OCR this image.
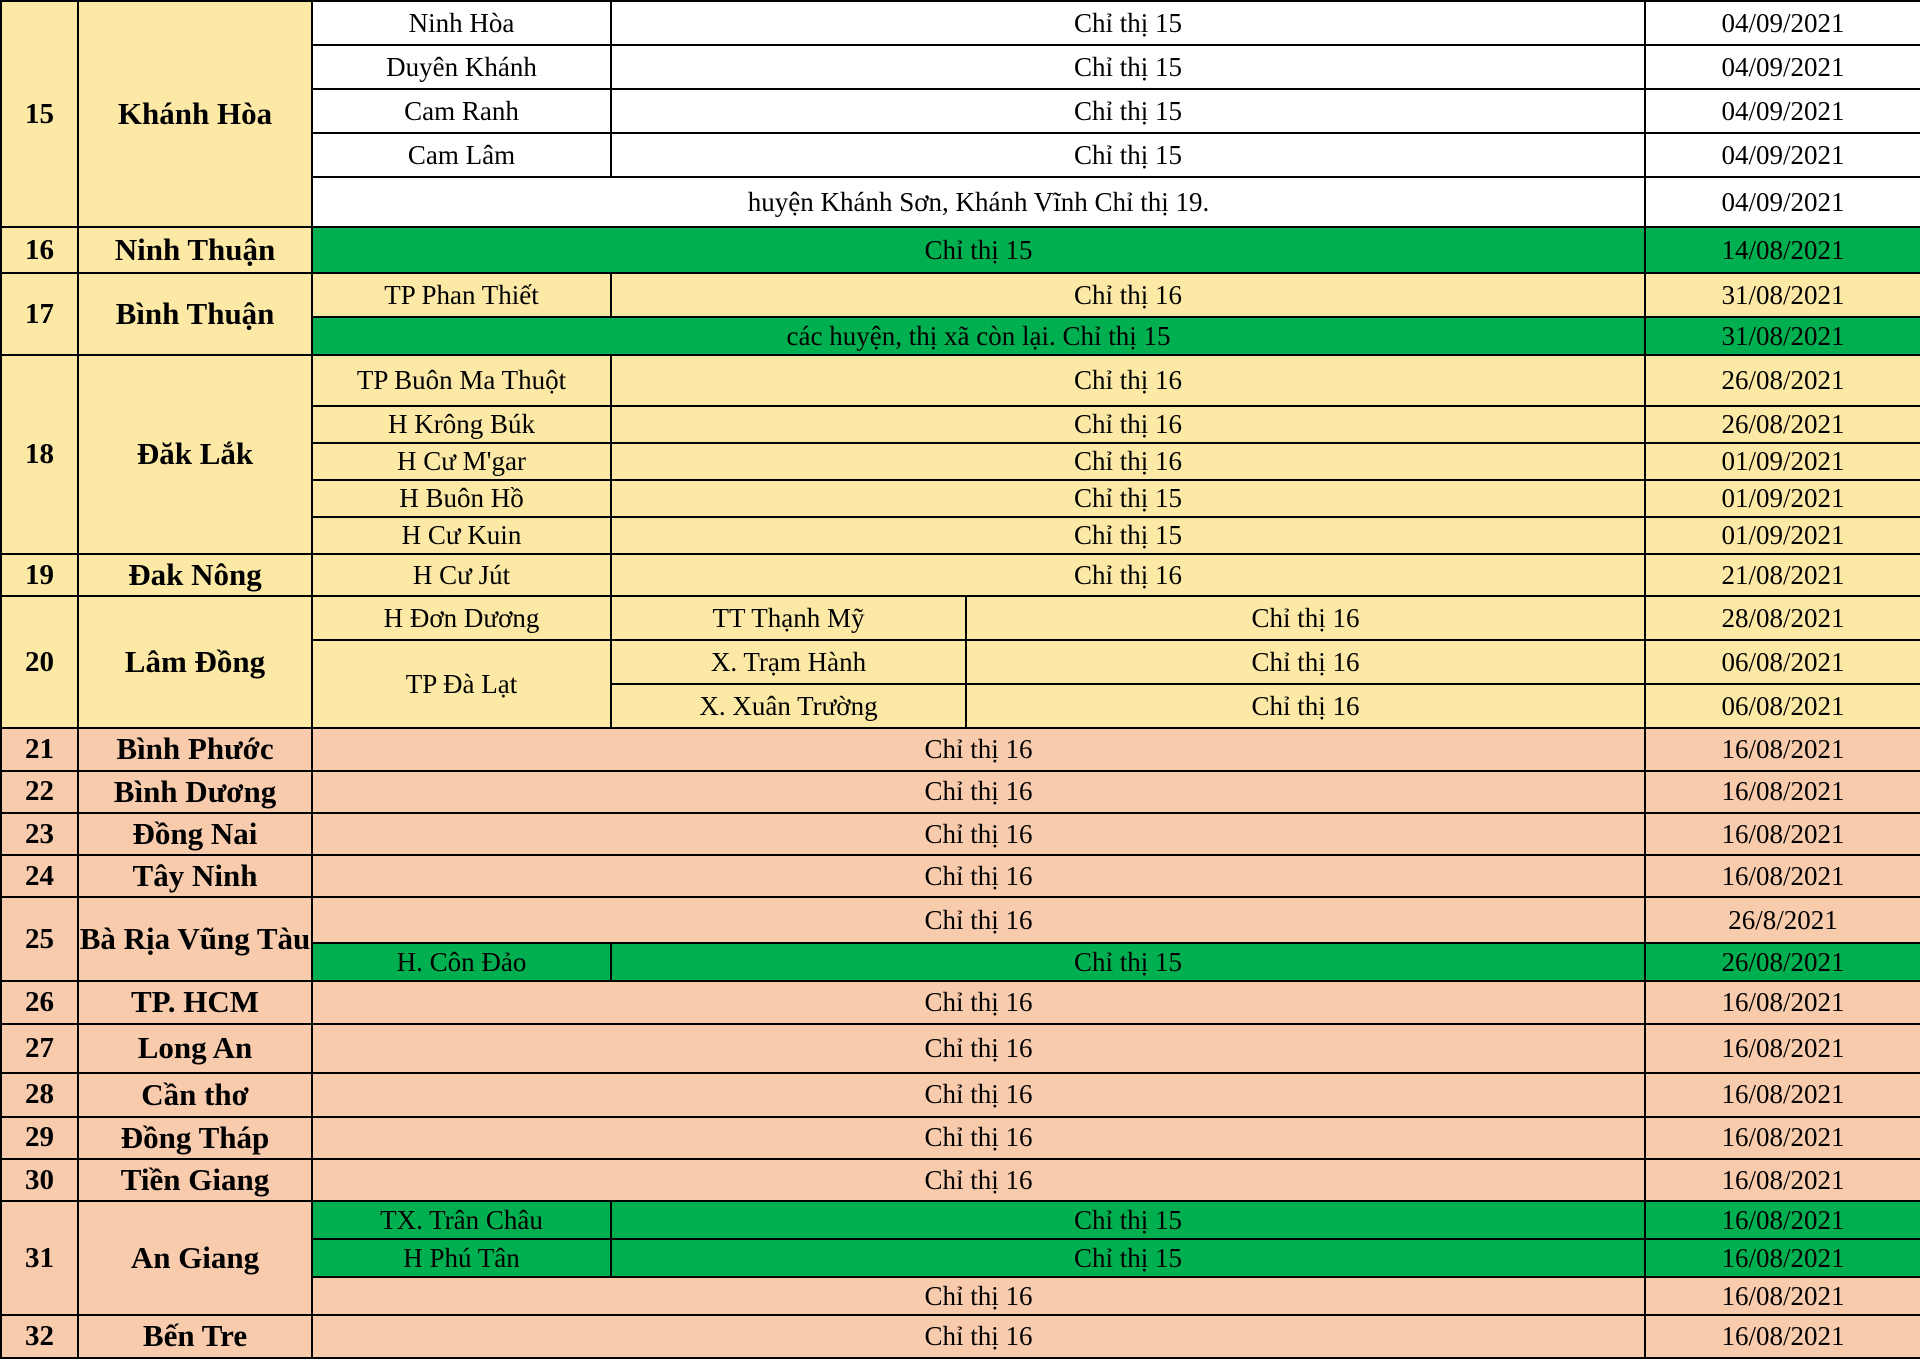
15	Khánh Hòa	Ninh Hòa	Chỉ thị 15		04/09/2021
		Duyên Khánh	Chỉ thị 15		04/09/2021
		Cam Ranh	Chỉ thị 15		04/09/2021
		Cam Lâm	Chỉ thị 15		04/09/2021
		huyện Khánh Sơn, Khánh Vĩnh Chỉ thị 19.			04/09/2021
16	Ninh Thuận	Chỉ thị 15			14/08/2021
17	Bình Thuận	TP Phan Thiết	Chỉ thị 16		31/08/2021
		các huyện, thị xã còn lại. Chỉ thị 15			31/08/2021
18	Đăk Lắk	TP Buôn Ma Thuột	Chỉ thị 16		26/08/2021
		H Krông Búk	Chỉ thị 16		26/08/2021
		H Cư M'gar	Chỉ thị 16		01/09/2021
		H Buôn Hồ	Chỉ thị 15		01/09/2021
		H Cư Kuin	Chỉ thị 15		01/09/2021
19	Đak Nông	H Cư Jút	Chỉ thị 16		21/08/2021
20	Lâm Đồng	H Đơn Dương	TT Thạnh Mỹ	Chỉ thị 16	28/08/2021
		TP Đà Lạt	X. Trạm Hành	Chỉ thị 16	06/08/2021
			X. Xuân Trường	Chỉ thị 16	06/08/2021
21	Bình Phước	Chỉ thị 16			16/08/2021
22	Bình Dương	Chỉ thị 16			16/08/2021
23	Đồng Nai	Chỉ thị 16			16/08/2021
24	Tây Ninh	Chỉ thị 16			16/08/2021
25	Bà Rịa Vũng Tàu	Chỉ thị 16			26/8/2021
		H. Côn Đảo	Chỉ thị 15		26/08/2021
26	TP. HCM	Chỉ thị 16			16/08/2021
27	Long An	Chỉ thị 16			16/08/2021
28	Cần thơ	Chỉ thị 16			16/08/2021
29	Đồng Tháp	Chỉ thị 16			16/08/2021
30	Tiền Giang	Chỉ thị 16			16/08/2021
31	An Giang	TX. Trân Châu	Chỉ thị 15		16/08/2021
		H Phú Tân	Chỉ thị 15		16/08/2021
		Chỉ thị 16			16/08/2021
32	Bến Tre	Chỉ thị 16			16/08/2021
